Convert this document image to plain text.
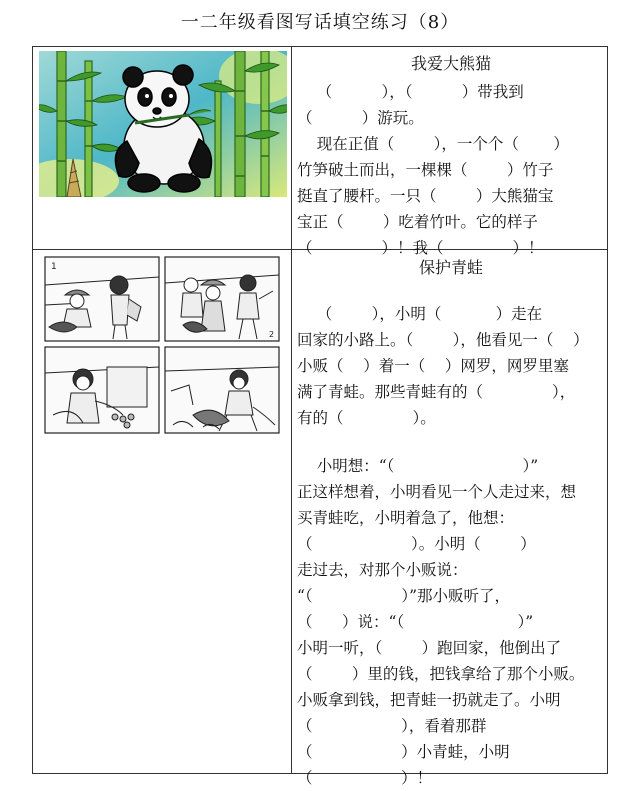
一二年级看图写话填空练习（8）
我爱大熊猫

（          ），（          ）带我到

（          ）游玩。

现在正值（        ），一个个（       ）

竹笋破土而出，一棵棵（        ）竹子

挺直了腰杆。一只（        ）大熊猫宝

宝正（        ）吃着竹叶。它的样子

（              ）！我（              ）！

1
2
保护青蛙

（        ），小明（           ）走在

回家的小路上。（        ），他看见一（    ）

小贩（    ）着一（    ）网罗，网罗里塞

满了青蛙。那些青蛙有的（              ），

有的（              ）。

小明想：“（                          ）”

正这样想着，小明看见一个人走过来，想

买青蛙吃，小明着急了，他想：

（                    ）。小明（        ）

走过去，对那个小贩说：

“（                  ）”那小贩听了，

（      ）说：“（                       ）”

小明一听，（        ）跑回家，他倒出了

（        ）里的钱，把钱拿给了那个小贩。

小贩拿到钱，把青蛙一扔就走了。小明

（                  ），看着那群

（                  ）小青蛙，小明

（                  ）！
